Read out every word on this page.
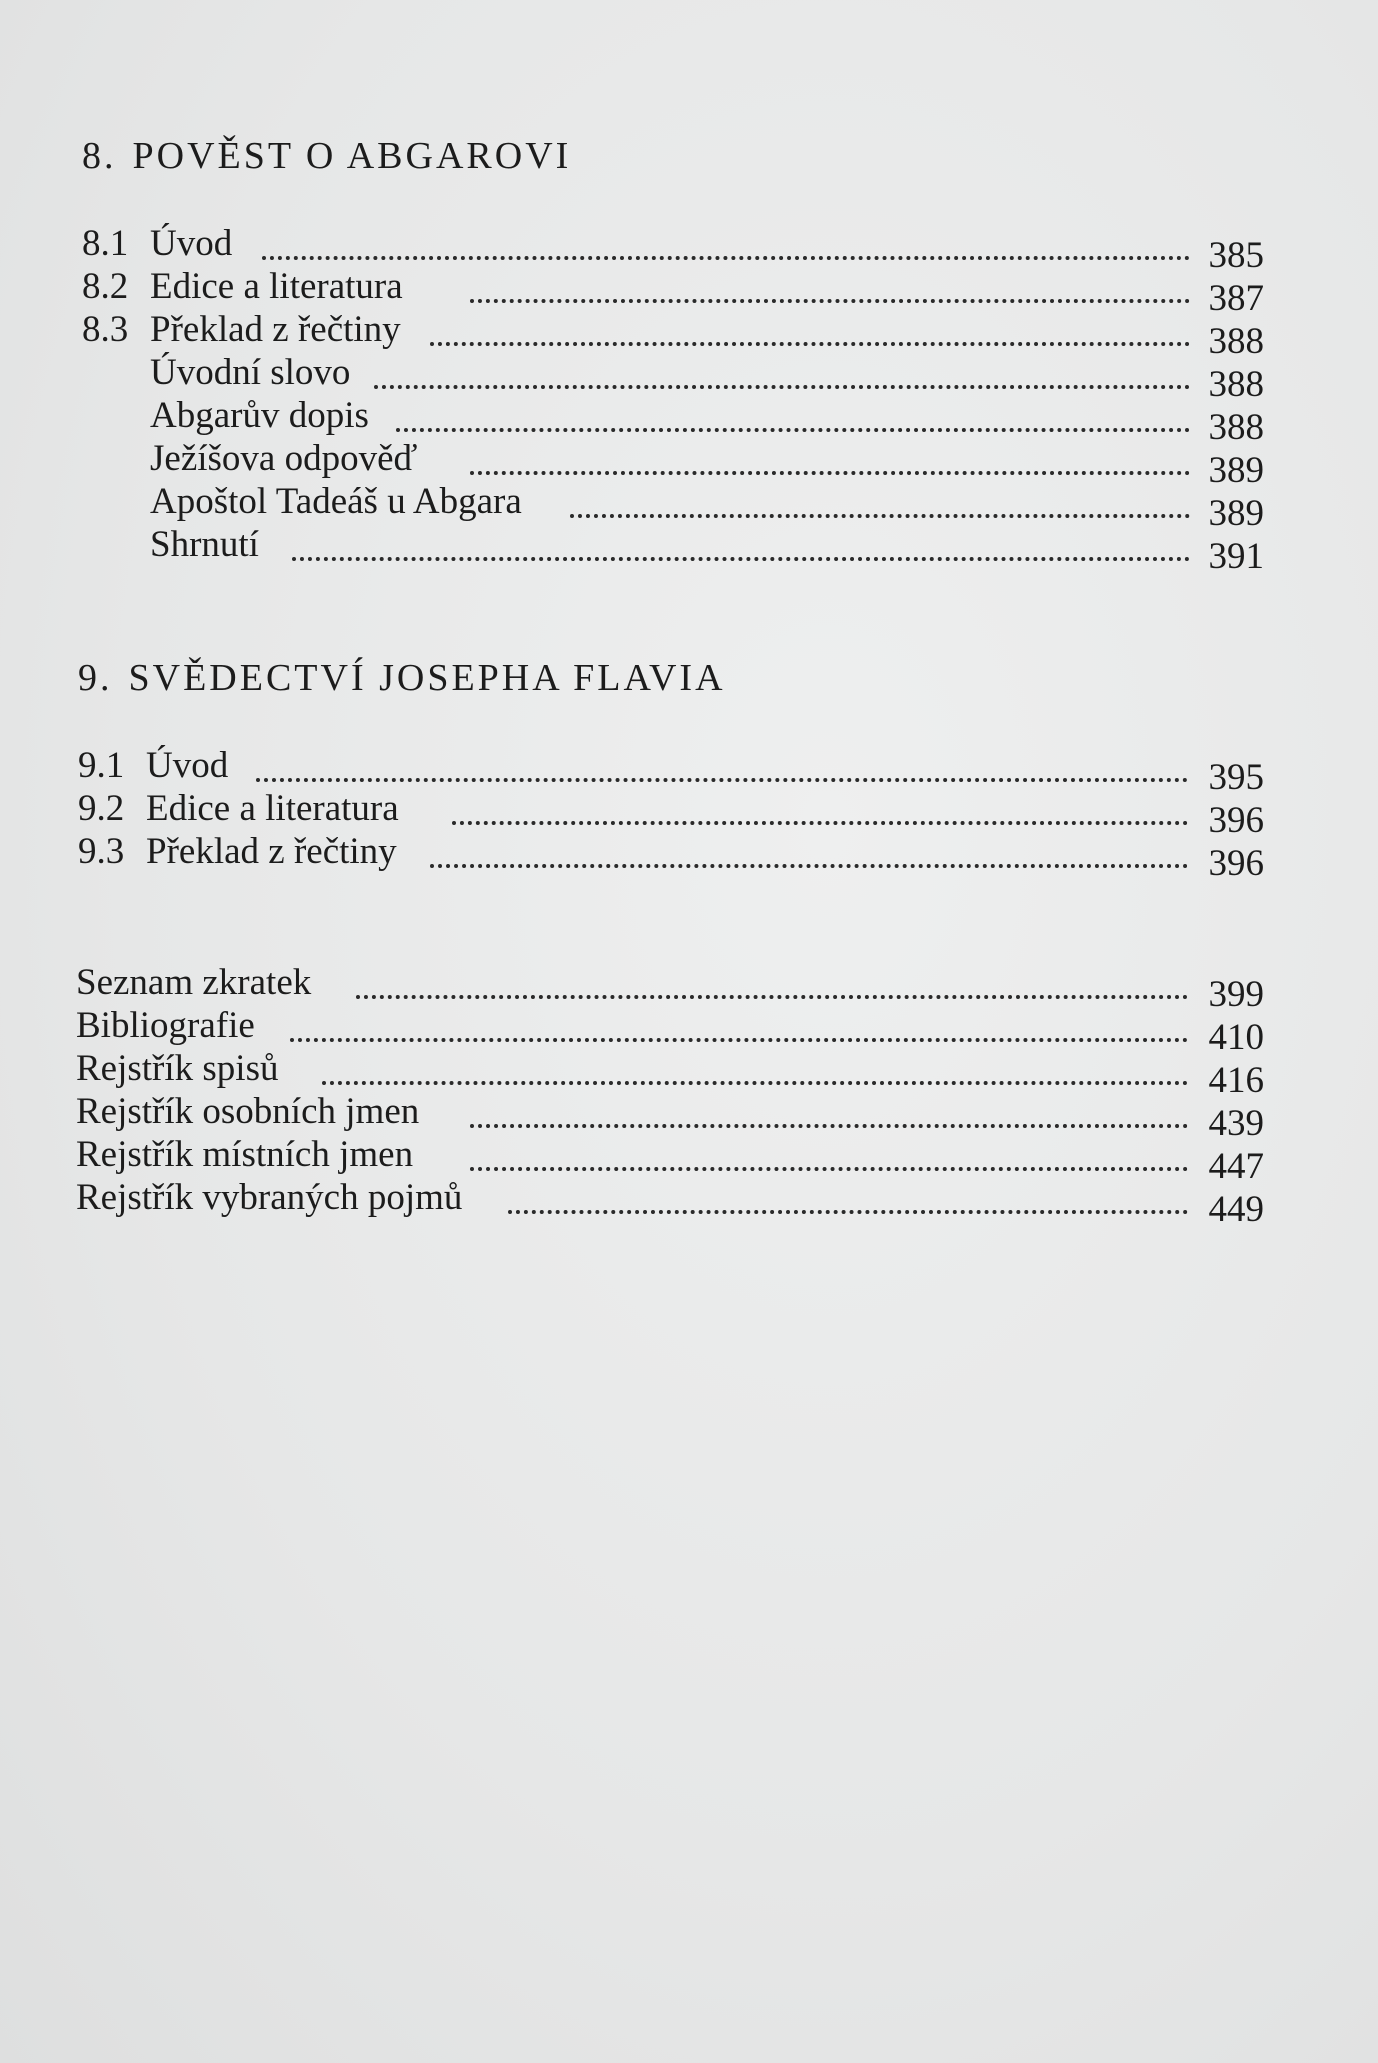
8. POVĚST O ABGAROVI
8.1 Úvod	385
8.2 Edice a literatura	387
8.3 Překlad z řečtiny	388
Úvodní slovo	388
Abgarův dopis	388
Ježíšova odpověď	389
Apoštol Tadeáš u Abgara	389
Shrnutí	391
9. SVĚDECTVÍ JOSEPHA FLAVIA
9.1 Úvod	395
9.2 Edice a literatura	396
9.3 Překlad z řečtiny	396
Seznam zkratek	399
Bibliografie	410
Rejstřík spisů	416
Rejstřík osobních jmen	439
Rejstřík místních jmen	447
Rejstřík vybraných pojmů	449
